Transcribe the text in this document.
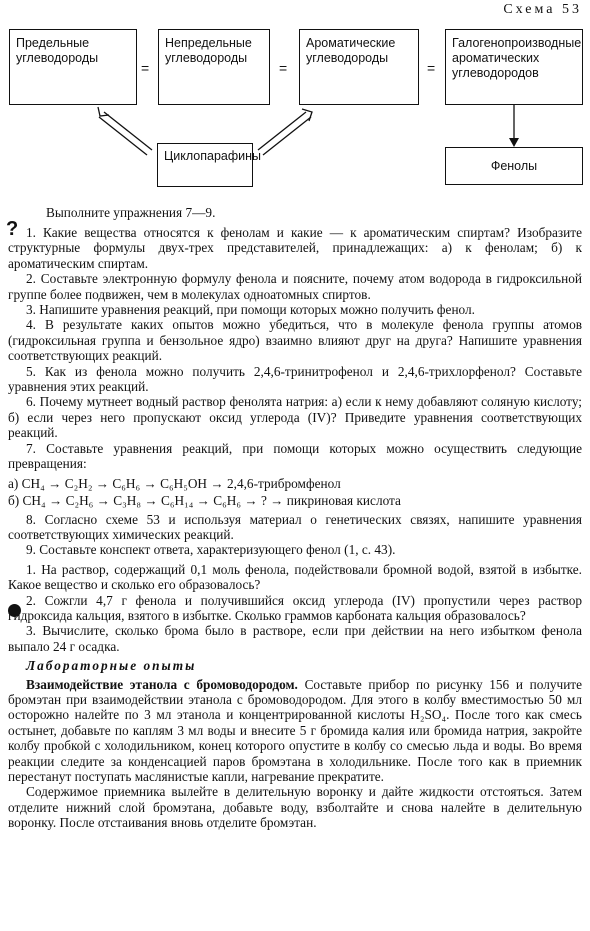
Схема 53
Предельные углеводороды
Непредельные углеводороды
Ароматические углеводороды
Галогенопроизводные ароматических углеводородов
Циклопарафины
Фенолы
=	=	=
Выполните упражнения 7—9.
? 1. Какие вещества относятся к фенолам и какие — к ароматическим спиртам? Изобразите структурные формулы двух-трех представителей, принадлежащих: а) к фенолам; б) к ароматическим спиртам.

2. Составьте электронную формулу фенола и поясните, почему атом водорода в гидроксильной группе более подвижен, чем в молекулах одноатомных спиртов.

3. Напишите уравнения реакций, при помощи которых можно получить фенол.

4. В результате каких опытов можно убедиться, что в молекуле фенола группы атомов (гидроксильная группа и бензольное ядро) взаимно влияют друг на друга? Напишите уравнения соответствующих реакций.

5. Как из фенола можно получить 2,4,6-тринитрофенол и 2,4,6-трихлорфенол? Составьте уравнения этих реакций.

6. Почему мутнеет водный раствор фенолята натрия: а) если к нему добавляют соляную кислоту; б) если через него пропускают оксид углерода (IV)? Приведите уравнения соответствующих реакций.

7. Составьте уравнения реакций, при помощи которых можно осуществить следующие превращения:

а) CH₄ → C₂H₂ → C₆H₆ → C₆H₅OH → 2,4,6-трибромфенол
б) CH₄ → C₂H₆ → C₃H₈ → C₆H₁₄ → C₆H₆ → ? → пикриновая кислота

8. Согласно схеме 53 и используя материал о генетических связях, напишите уравнения соответствующих химических реакций.

9. Составьте конспект ответа, характеризующего фенол (1, с. 43).

1. На раствор, содержащий 0,1 моль фенола, подействовали бромной водой, взятой в избытке. Какое вещество и сколько его образовалось?

2. Сожгли 4,7 г фенола и получившийся оксид углерода (IV) пропустили через раствор гидроксида кальция, взятого в избытке. Сколько граммов карбоната кальция образовалось?

3. Вычислите, сколько брома было в растворе, если при действии на него избытком фенола выпало 24 г осадка.

Лабораторные опыты

Взаимодействие этанола с бромоводородом. Составьте прибор по рисунку 156 и получите бромэтан при взаимодействии этанола с бромоводородом. Для этого в колбу вместимостью 50 мл осторожно налейте по 3 мл этанола и концентрированной кислоты H₂SO₄. После того как смесь остынет, добавьте по каплям 3 мл воды и внесите 5 г бромида калия или бромида натрия, закройте колбу пробкой с холодильником, конец которого опустите в колбу со смесью льда и воды. Во время реакции следите за конденсацией паров бромэтана в холодильнике. После того как в приемник перестанут поступать маслянистые капли, нагревание прекратите.

Содержимое приемника вылейте в делительную воронку и дайте жидкости отстояться. Затем отделите нижний слой бромэтана, добавьте воду, взболтайте и снова налейте в делительную воронку. После отстаивания вновь отделите бромэтан.
